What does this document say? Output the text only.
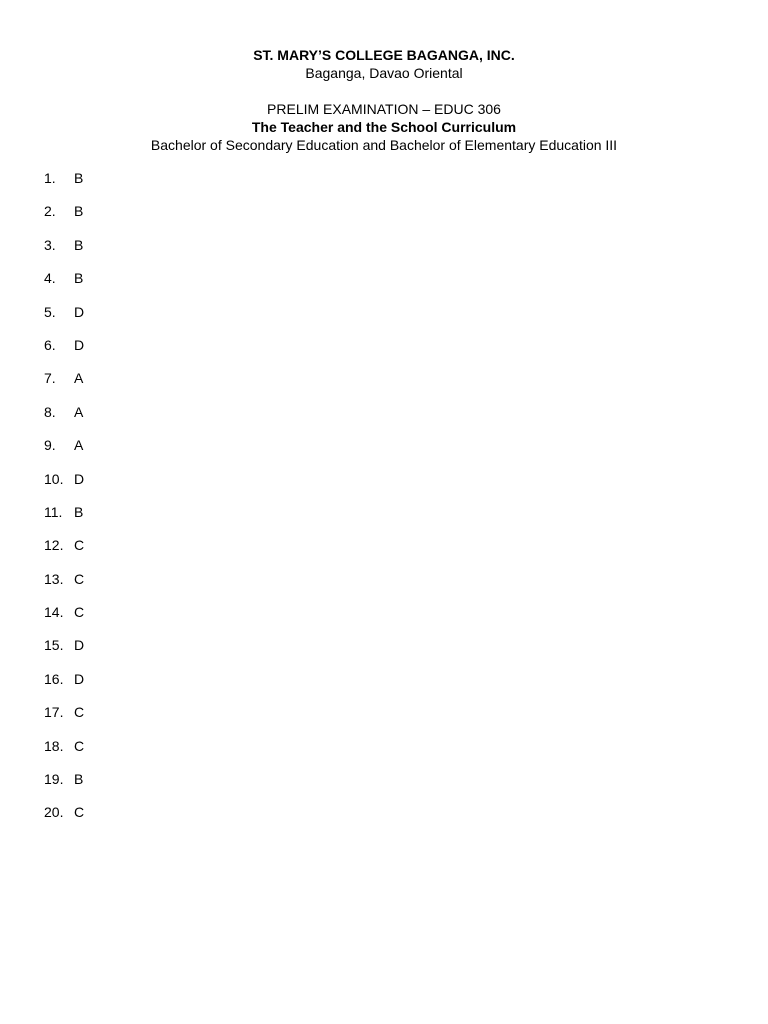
ST. MARY’S COLLEGE BAGANGA, INC.
Baganga, Davao Oriental
PRELIM EXAMINATION – EDUC 306
The Teacher and the School Curriculum
Bachelor of Secondary Education and Bachelor of Elementary Education III
1.	B
2.	B
3.	B
4.	B
5.	D
6.	D
7.	A
8.	A
9.	A
10. D
11. B
12. C
13. C
14. C
15. D
16. D
17. C
18. C
19. B
20. C
